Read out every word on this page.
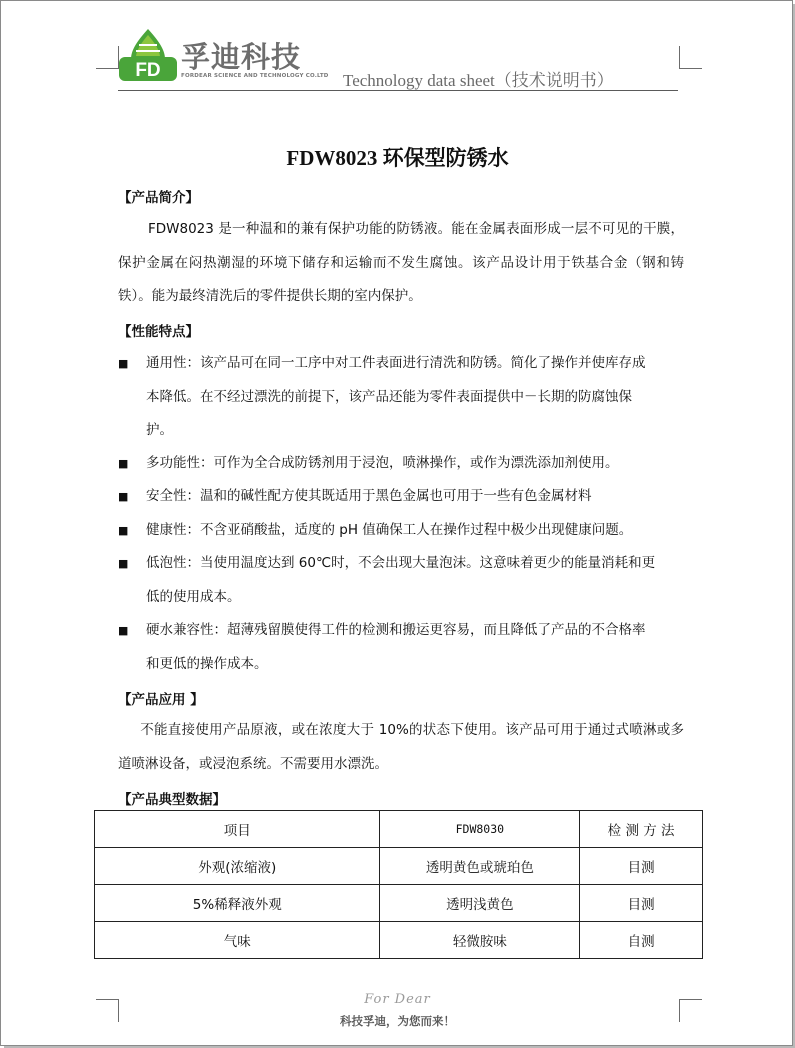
FD 孚迪科技
FORDEAR SCIENCE AND TECHNOLOGY CO.LTD Technology data sheet（技术说明书）
FDW8023 环保型防锈水
【产品简介】
FDW8023 是一种温和的兼有保护功能的防锈液。能在金属表面形成一层不可见的干膜，保护金属在闷热潮湿的环境下储存和运输而不发生腐蚀。该产品设计用于铁基合金（钢和铸铁）。能为最终清洗后的零件提供长期的室内保护。
【性能特点】
■ 通用性：该产品可在同一工序中对工件表面进行清洗和防锈。简化了操作并使库存成本降低。在不经过漂洗的前提下，该产品还能为零件表面提供中－长期的防腐蚀保护。
■ 多功能性：可作为全合成防锈剂用于浸泡，喷淋操作，或作为漂洗添加剂使用。
■ 安全性：温和的碱性配方使其既适用于黑色金属也可用于一些有色金属材料
■ 健康性：不含亚硝酸盐，适度的 pH 值确保工人在操作过程中极少出现健康问题。
■ 低泡性：当使用温度达到 60℃时，不会出现大量泡沫。这意味着更少的能量消耗和更低的使用成本。
■ 硬水兼容性：超薄残留膜使得工件的检测和搬运更容易，而且降低了产品的不合格率和更低的操作成本。
【产品应用 】
不能直接使用产品原液，或在浓度大于 10%的状态下使用。该产品可用于通过式喷淋或多道喷淋设备，或浸泡系统。不需要用水漂洗。
【产品典型数据】
项目	FDW8030	检 测 方 法
外观(浓缩液)	透明黄色或琥珀色	目测
5%稀释液外观	透明浅黄色	目测
气味	轻微胺味	自测
For Dear
科技孚迪，为您而来！
